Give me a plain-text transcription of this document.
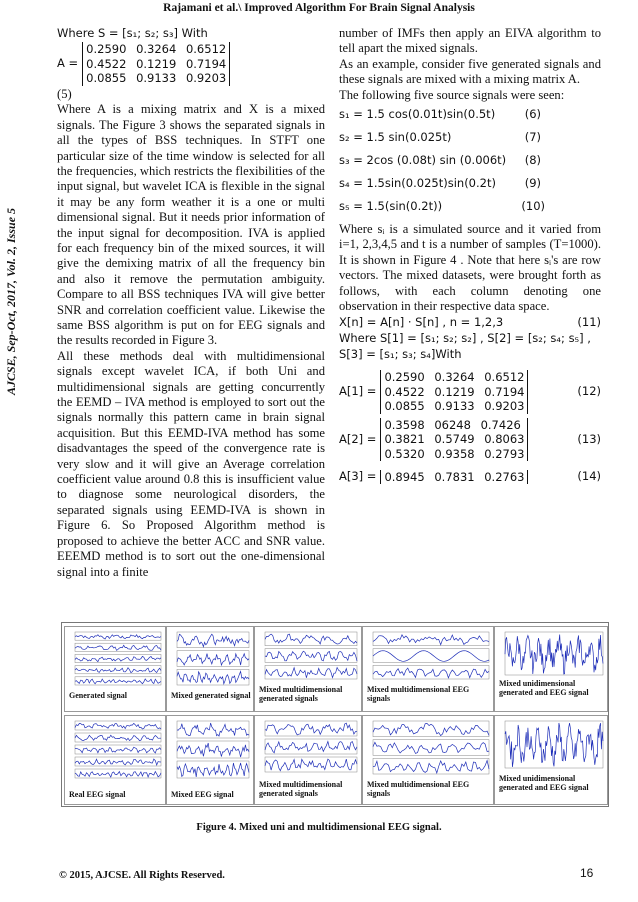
Rajamani et al.\ Improved Algorithm For Brain Signal Analysis
AJCSE, Sep-Oct, 2017, Vol. 2, Issue 5

Where S = [s₁; s₂; s₃] With

A =
0.2590 0.3264 0.6512
0.4522 0.1219 0.7194
0.0855 0.9133 0.9203

(5)

Where A is a mixing matrix and X is a mixed signals. The Figure 3 shows the separated signals in all the types of BSS techniques. In STFT one particular size of the time window is selected for all the frequencies, which restricts the flexibilities of the input signal, but wavelet ICA is flexible in the signal it may be any form weather it is a one or multi dimensional signal. But it needs prior information of the input signal for decomposition. IVA is applied for each frequency bin of the mixed sources, it will give the demixing matrix of all the frequency bin and also it remove the permutation ambiguity. Compare to all BSS techniques IVA will give better SNR and correlation coefficient value. Likewise the same BSS algorithm is put on for EEG signals and the results recorded in Figure 3.

All these methods deal with multidimensional signals except wavelet ICA, if both Uni and multidimensional signals are getting concurrently the EEMD – IVA method is employed to sort out the signals normally this pattern came in brain signal acquisition. But this EEMD-IVA method has some disadvantages the speed of the convergence rate is very slow and it will give an Average correlation coefficient value around 0.8 this is insufficient value to diagnose some neurological disorders, the separated signals using EEMD-IVA is shown in Figure 6. So Proposed Algorithm method is proposed to achieve the better ACC and SNR value. EEEMD method is to sort out the one-dimensional signal into a finite

number of IMFs then apply an EIVA algorithm to tell apart the mixed signals.

As an example, consider five generated signals and these signals are mixed with a mixing matrix A.

The following five source signals were seen:

s₁ = 1.5 cos(0.01t)sin(0.5t)	(6)
s₂ = 1.5 sin(0.025t)	(7)
s₃ = 2cos (0.08t) sin (0.006t) (8)
s₄ = 1.5sin(0.025t)sin(0.2t) (9)
s₅ = 1.5(sin(0.2t))	(10)

Where sᵢ is a simulated source and it varied from i=1, 2,3,4,5 and t is a number of samples (T=1000). It is shown in Figure 4 . Note that here sᵢ's are row vectors. The mixed datasets, were brought forth as follows, with each column denoting one observation in their respective data space.

X[n] = A[n] · S[n] , n = 1,2,3	(11)

Where S[1] = [s₁; s₂; s₂] , S[2] = [s₂; s₄; s₅] ,

S[3] = [s₁; s₃; s₄]With

A[1] =
0.2590 0.3264 0.6512
0.4522 0.1219 0.7194
0.0855 0.9133 0.9203
(12)
A[2] =
0.3598 06248 0.7426
0.3821 0.5749 0.8063
0.5320 0.9358 0.2793
(13)
A[3] = 0.8945 0.7831 0.2763	(14)
Generated signal	Mixed generated signal
Mixed multidimensional generated signals
Mixed multidimensional EEG signals
Mixed unidimensional generated and EEG signal
Real EEG signal	Mixed EEG signal
Mixed multidimensional generated signals
Mixed multidimensional EEG signals
Mixed unidimensional generated and EEG signal
Figure 4. Mixed uni and multidimensional EEG signal.
© 2015, AJCSE. All Rights Reserved.	16
